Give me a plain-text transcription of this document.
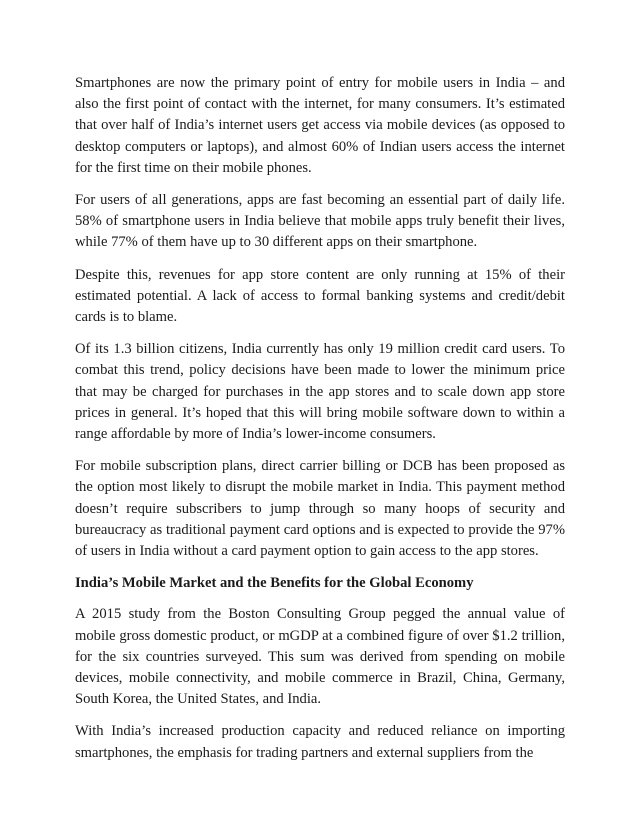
Smartphones are now the primary point of entry for mobile users in India – and also the first point of contact with the internet, for many consumers. It’s estimated that over half of India’s internet users get access via mobile devices (as opposed to desktop computers or laptops), and almost 60% of Indian users access the internet for the first time on their mobile phones.

For users of all generations, apps are fast becoming an essential part of daily life. 58% of smartphone users in India believe that mobile apps truly benefit their lives, while 77% of them have up to 30 different apps on their smartphone.

Despite this, revenues for app store content are only running at 15% of their estimated potential. A lack of access to formal banking systems and credit/debit cards is to blame.

Of its 1.3 billion citizens, India currently has only 19 million credit card users. To combat this trend, policy decisions have been made to lower the minimum price that may be charged for purchases in the app stores and to scale down app store prices in general. It’s hoped that this will bring mobile software down to within a range affordable by more of India’s lower-income consumers.

For mobile subscription plans, direct carrier billing or DCB has been proposed as the option most likely to disrupt the mobile market in India. This payment method doesn’t require subscribers to jump through so many hoops of security and bureaucracy as traditional payment card options and is expected to provide the 97% of users in India without a card payment option to gain access to the app stores.

India’s Mobile Market and the Benefits for the Global Economy

A 2015 study from the Boston Consulting Group pegged the annual value of mobile gross domestic product, or mGDP at a combined figure of over $1.2 trillion, for the six countries surveyed. This sum was derived from spending on mobile devices, mobile connectivity, and mobile commerce in Brazil, China, Germany, South Korea, the United States, and India.

With India’s increased production capacity and reduced reliance on importing smartphones, the emphasis for trading partners and external suppliers from the
